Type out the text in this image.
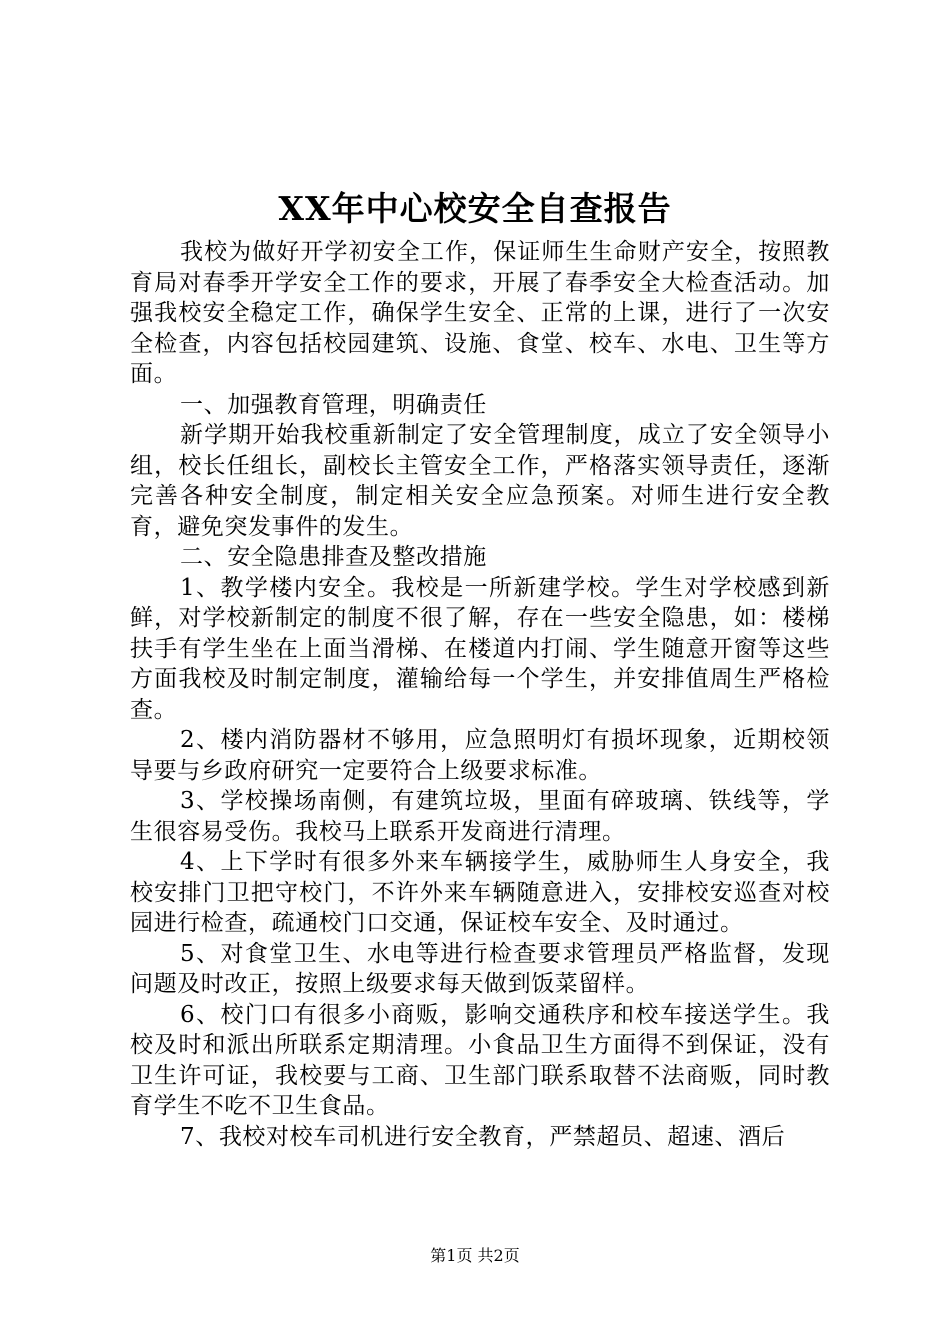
XX年中心校安全自查报告

我校为做好开学初安全工作，保证师生生命财产安全，按照教育局对春季开学安全工作的要求，开展了春季安全大检查活动。加强我校安全稳定工作，确保学生安全、正常的上课，进行了一次安全检查，内容包括校园建筑、设施、食堂、校车、水电、卫生等方面。

一、加强教育管理，明确责任

新学期开始我校重新制定了安全管理制度，成立了安全领导小组，校长任组长，副校长主管安全工作，严格落实领导责任，逐渐完善各种安全制度，制定相关安全应急预案。对师生进行安全教育，避免突发事件的发生。

二、安全隐患排查及整改措施

1、教学楼内安全。我校是一所新建学校。学生对学校感到新鲜，对学校新制定的制度不很了解，存在一些安全隐患，如：楼梯扶手有学生坐在上面当滑梯、在楼道内打闹、学生随意开窗等这些方面我校及时制定制度，灌输给每一个学生，并安排值周生严格检查。

2、楼内消防器材不够用，应急照明灯有损坏现象，近期校领导要与乡政府研究一定要符合上级要求标准。

3、学校操场南侧，有建筑垃圾，里面有碎玻璃、铁线等，学生很容易受伤。我校马上联系开发商进行清理。

4、上下学时有很多外来车辆接学生，威胁师生人身安全，我校安排门卫把守校门，不许外来车辆随意进入，安排校安巡查对校园进行检查，疏通校门口交通，保证校车安全、及时通过。

5、对食堂卫生、水电等进行检查要求管理员严格监督，发现问题及时改正，按照上级要求每天做到饭菜留样。

6、校门口有很多小商贩，影响交通秩序和校车接送学生。我校及时和派出所联系定期清理。小食品卫生方面得不到保证，没有卫生许可证，我校要与工商、卫生部门联系取替不法商贩，同时教育学生不吃不卫生食品。

7、我校对校车司机进行安全教育，严禁超员、超速、酒后

第1页 共2页
